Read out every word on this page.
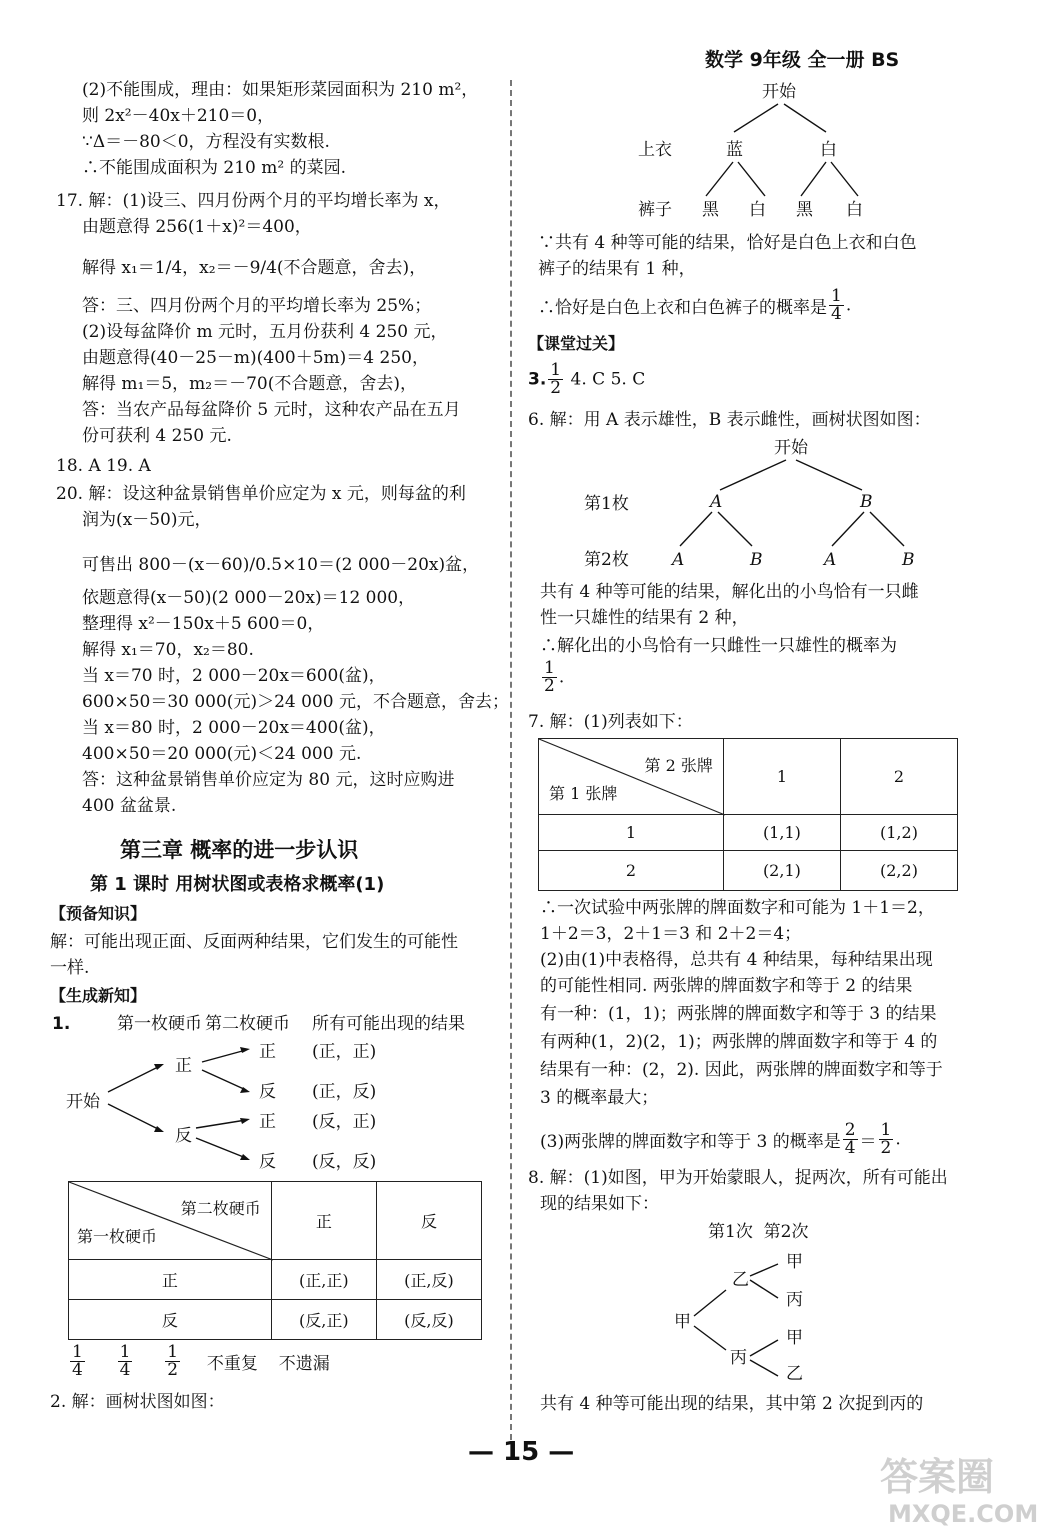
数学 9年级 全一册 BS
(2)不能围成，理由：如果矩形菜园面积为 210 m²，
则 2x²－40x＋210＝0，
∵Δ＝－80＜0，方程没有实数根.
∴不能围成面积为 210 m² 的菜园.
17. 解：(1)设三、四月份两个月的平均增长率为 x，
由题意得 256(1＋x)²＝400，
解得 x₁＝1/4，x₂＝－9/4(不合题意，舍去)，
答：三、四月份两个月的平均增长率为 25%；
(2)设每盆降价 m 元时，五月份获利 4 250 元，
由题意得(40－25－m)(400＋5m)＝4 250，
解得 m₁＝5，m₂＝－70(不合题意，舍去)，
答：当农产品每盆降价 5 元时，这种农产品在五月
份可获利 4 250 元.
18. A 19. A
20. 解：设这种盆景销售单价应定为 x 元，则每盆的利
润为(x－50)元，
可售出 800－(x－60)/0.5×10＝(2 000－20x)盆，
依题意得(x－50)(2 000－20x)＝12 000，
整理得 x²－150x＋5 600＝0，
解得 x₁＝70，x₂＝80.
当 x＝70 时，2 000－20x＝600(盆)，
600×50＝30 000(元)＞24 000 元，不合题意，舍去；
当 x＝80 时，2 000－20x＝400(盆)，
400×50＝20 000(元)＜24 000 元.
答：这种盆景销售单价应定为 80 元，这时应购进
400 盆盆景.
第三章 概率的进一步认识
第 1 课时 用树状图或表格求概率(1)
【预备知识】
解：可能出现正面、反面两种结果，它们发生的可能性
一样.
【生成新知】
1.	第一枚硬币 第二枚硬币 所有可能出现的结果
开始
正
反
正
反
正
反
(正，正)
(正，反)
(反，正)
(反，反)
第二枚硬币
第一枚硬币	正	反
正	(正,正)	(正,反)
反	(反,正)	(反,反)
$\frac{1}{4}$
$\frac{1}{4}$
$\frac{1}{2}$ 不重复 不遗漏
2. 解：画树状图如图：
开始
上衣	蓝	白
裤子 黑 白 黑 白
∵共有 4 种等可能的结果，恰好是白色上衣和白色
裤子的结果有 1 种，
∴恰好是白色上衣和白色裤子的概率是 $\frac{1}{4}$ .
【课堂过关】
3. $\frac{1}{2} 4$. C 5. C
6. 解：用 A 表示雄性，B 表示雌性，画树状图如图：
开始
第1枚	A	B
第2枚	A	B	A	B
共有 4 种等可能的结果，解化出的小鸟恰有一只雌
性一只雄性的结果有 2 种，
∴解化出的小鸟恰有一只雌性一只雄性的概率为
$\frac{1}{2}$ .
7. 解：(1)列表如下：
第 2 张牌
第 1 张牌	1	2
1	(1,1)	(1,2)
2	(2,1)	(2,2)
∴一次试验中两张牌的牌面数字和可能为 1＋1＝2，
1＋2＝3，2＋1＝3 和 2＋2＝4；
(2)由(1)中表格得，总共有 4 种结果，每种结果出现
的可能性相同. 两张牌的牌面数字和等于 2 的结果
有一种：(1，1)；两张牌的牌面数字和等于 3 的结果
有两种(1，2)(2，1)；两张牌的牌面数字和等于 4 的
结果有一种：(2，2). 因此，两张牌的牌面数字和等于
3 的概率最大；
(3)两张牌的牌面数字和等于 3 的概率是 $\frac{2}{4} = \frac{1}{2}$ .
8. 解：(1)如图，甲为开始蒙眼人，捉两次，所有可能出
现的结果如下：
第1次  第2次
甲
乙
丙
甲
丙
甲
乙
共有 4 种等可能出现的结果，其中第 2 次捉到丙的
— 15 —
答案圈
MXQE.COM
